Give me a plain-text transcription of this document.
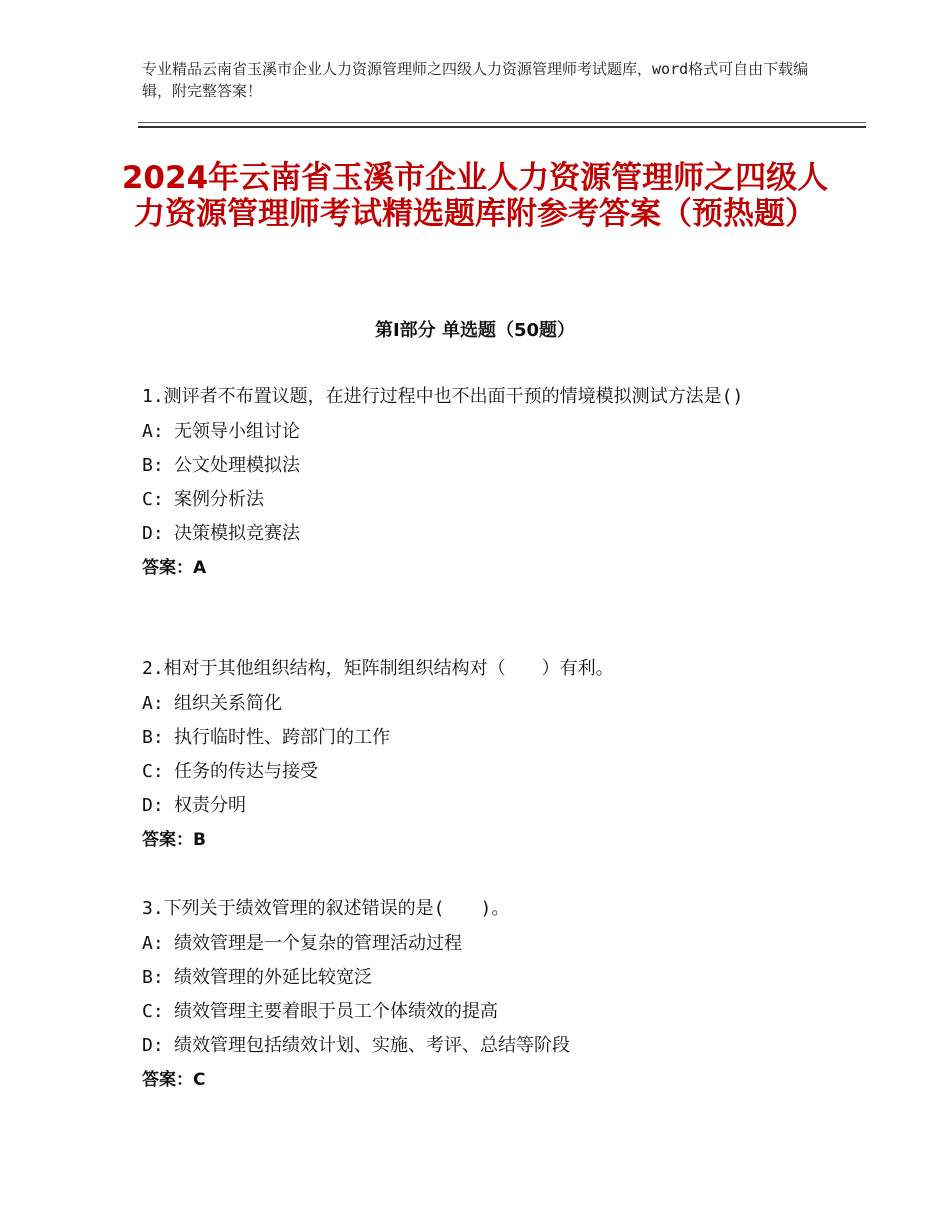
专业精品云南省玉溪市企业人力资源管理师之四级人力资源管理师考试题库，word格式可自由下载编辑，附完整答案！
2024年云南省玉溪市企业人力资源管理师之四级人力资源管理师考试精选题库附参考答案（预热题）
第Ⅰ部分 单选题（50题）
1.测评者不布置议题，在进行过程中也不出面干预的情境模拟测试方法是()
A: 无领导小组讨论
B: 公文处理模拟法
C: 案例分析法
D: 决策模拟竞赛法
答案：A
2.相对于其他组织结构，矩阵制组织结构对（　　）有利。
A: 组织关系简化
B: 执行临时性、跨部门的工作
C: 任务的传达与接受
D: 权责分明
答案：B
3.下列关于绩效管理的叙述错误的是(　　)。
A: 绩效管理是一个复杂的管理活动过程
B: 绩效管理的外延比较宽泛
C: 绩效管理主要着眼于员工个体绩效的提高
D: 绩效管理包括绩效计划、实施、考评、总结等阶段
答案：C
